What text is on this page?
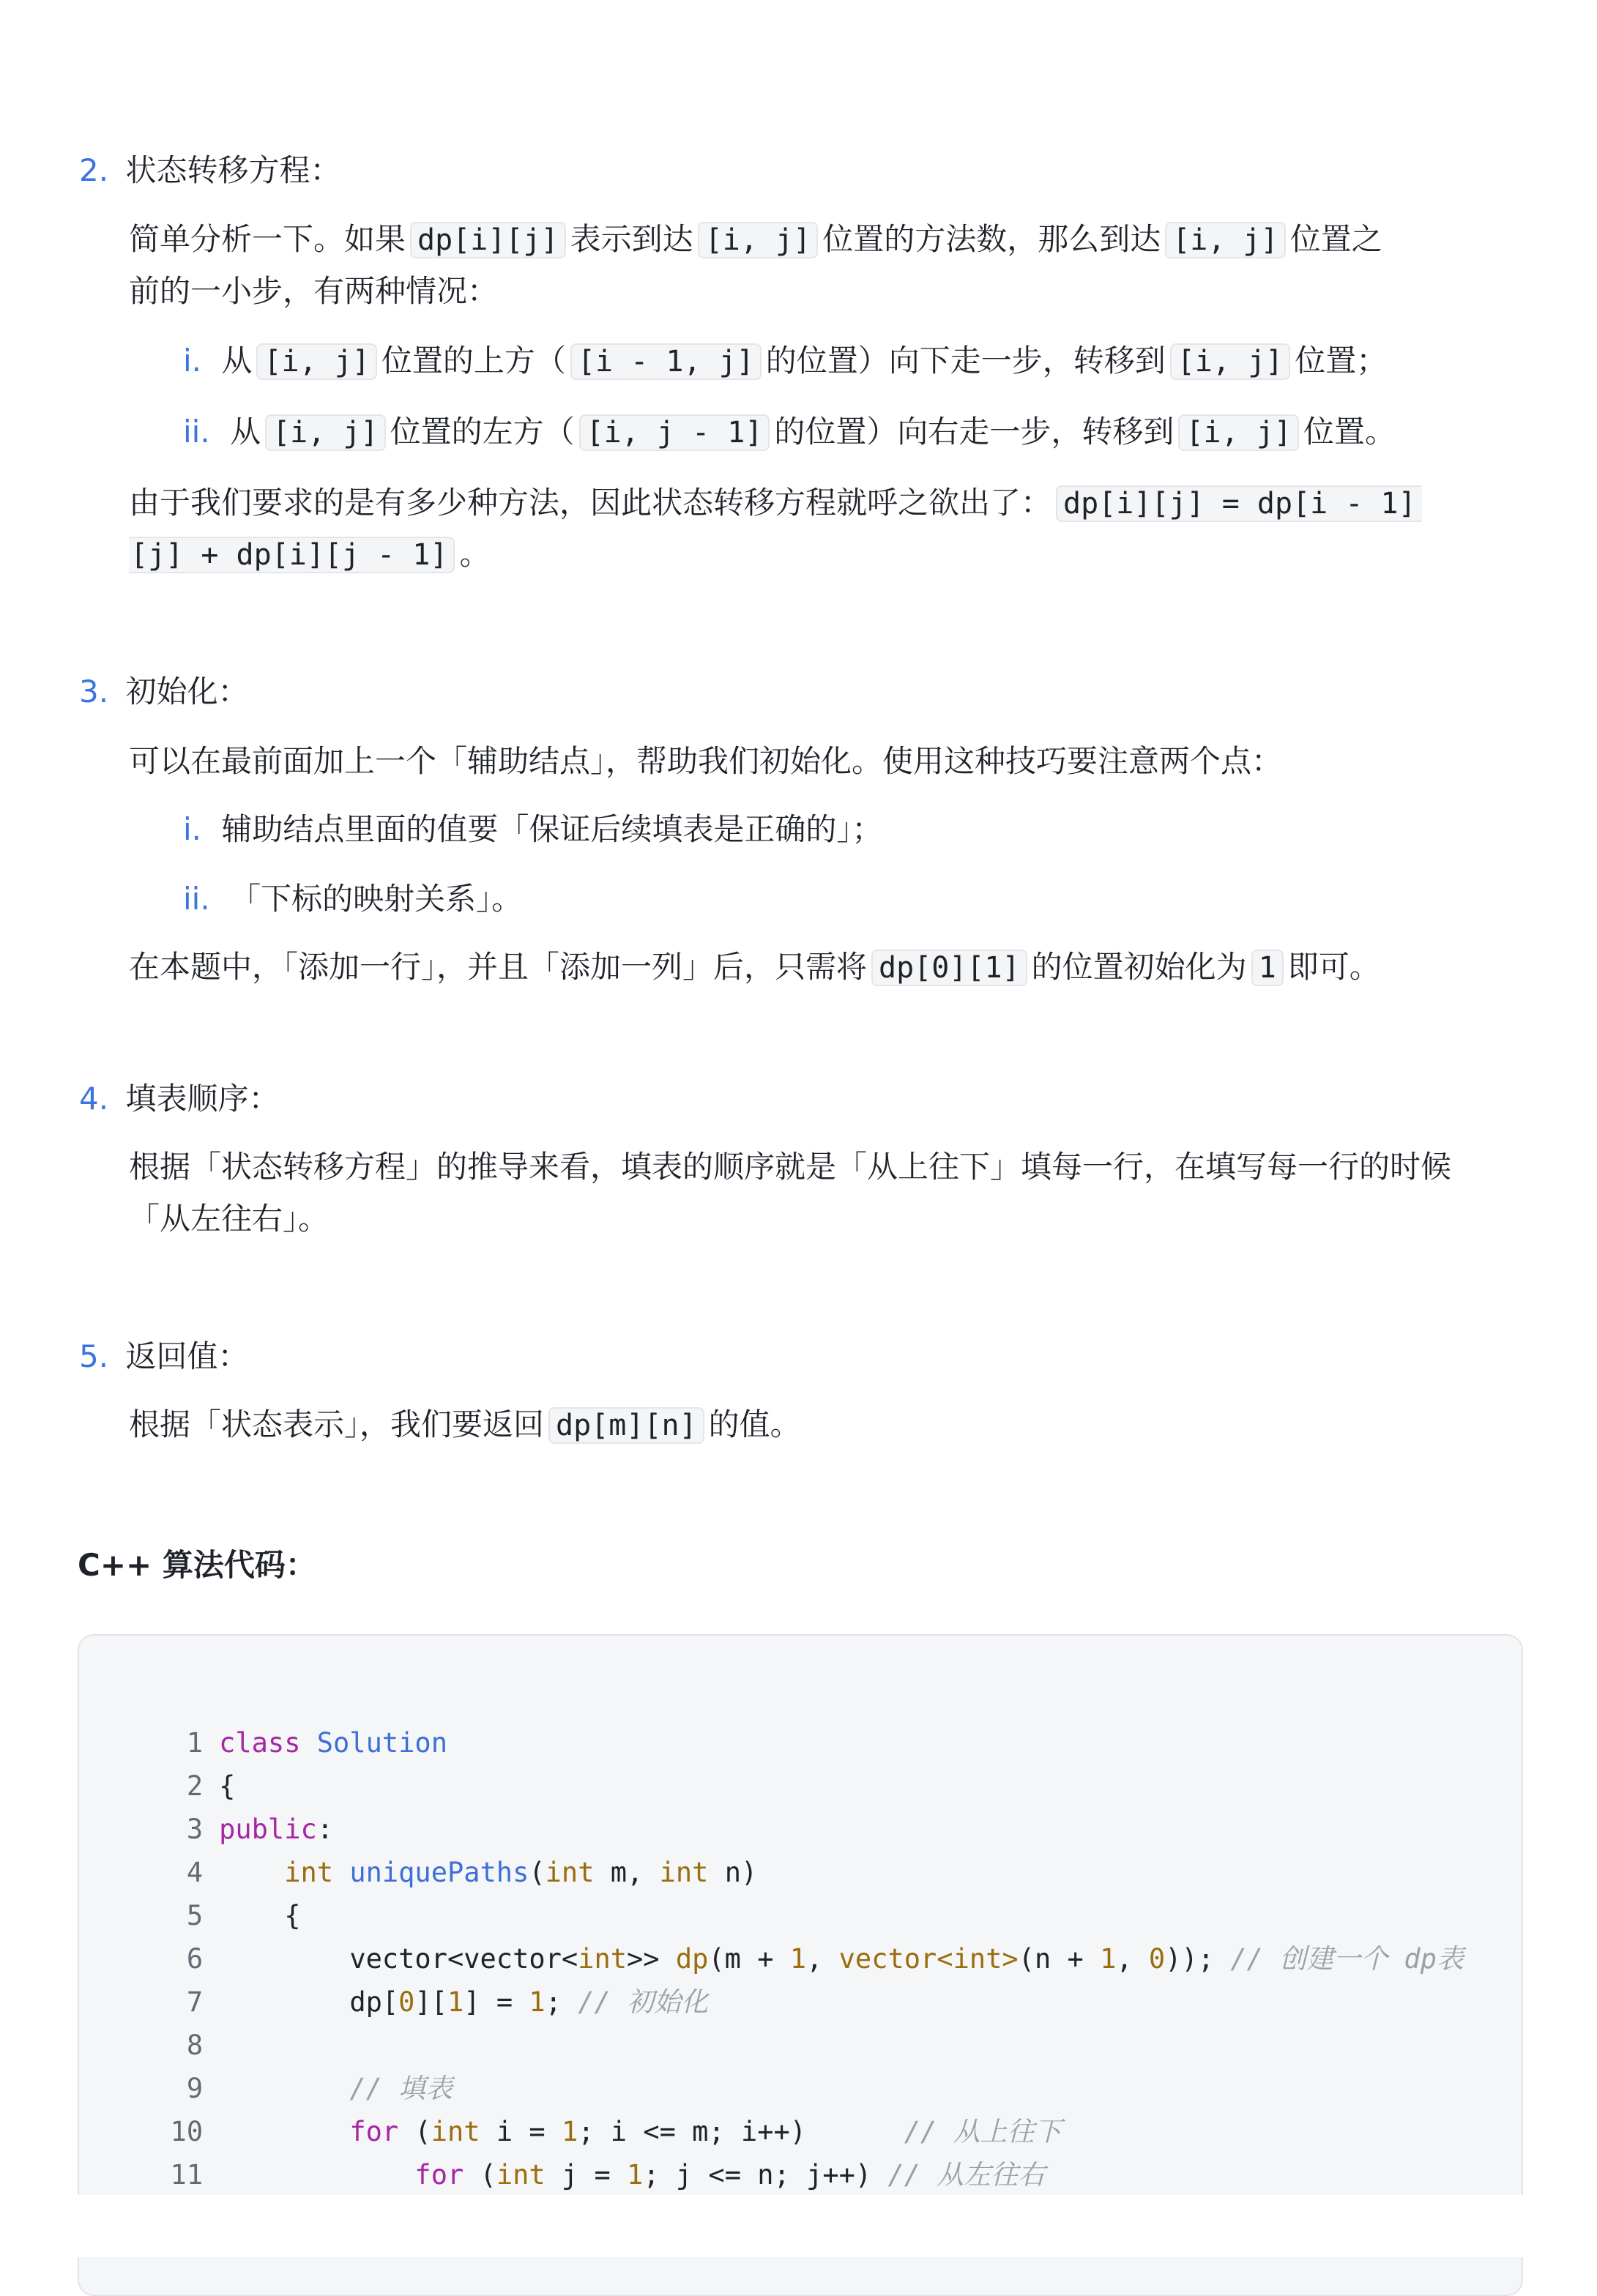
2. 状态转移方程：
简单分析一下。如果 dp[i][j] 表示到达 [i, j] 位置的方法数，那么到达 [i, j] 位置之
前的一小步，有两种情况：
i. 从 [i, j] 位置的上方（ [i - 1, j] 的位置）向下走一步，转移到 [i, j] 位置；
ii. 从 [i, j] 位置的左方（ [i, j - 1] 的位置）向右走一步，转移到 [i, j] 位置。
由于我们要求的是有多少种方法，因此状态转移方程就呼之欲出了： dp[i][j] = dp[i - 1]
[j] + dp[i][j - 1] 。
3. 初始化：
可以在最前面加上一个「辅助结点」，帮助我们初始化。使用这种技巧要注意两个点：
i. 辅助结点里面的值要「保证后续填表是正确的」；
ii. 「下标的映射关系」。
在本题中，「添加一行」，并且「添加一列」后，只需将 dp[0][1] 的位置初始化为 1 即可。
4. 填表顺序：
根据「状态转移方程」的推导来看，填表的顺序就是「从上往下」填每一行，在填写每一行的时候
「从左往右」。
5. 返回值：
根据「状态表示」，我们要返回 dp[m][n] 的值。
C++ 算法代码：

1 class Solution

2 {

3 public:

4	int uniquePaths(int m, int n)

5    {

6        vector<vector<int>> dp(m + 1, vector<int>(n + 1, 0)); // 创建一个 dp表

7        dp[0][1] = 1; // 初始化

8

9	// 填表

10	for (int i = 1; i <= m; i++)      // 从上往下

11	for (int j = 1; j <= n; j++) // 从左往右
